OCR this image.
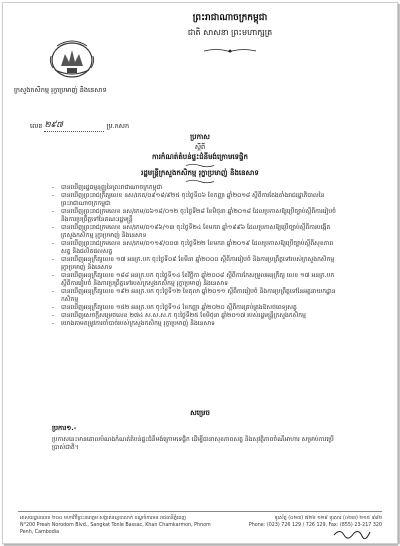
ព្រះរាជាណាចក្រកម្ពុជា
ជាតិ សាសនា ព្រះមហាក្សត្រ
ក្រសួងកសិកម្ម រុក្ខាប្រមាញ់ និងនេសាទ
លេខ ២៩៧	ប្រ.កសក
ប្រកាស
ស្តីពី
ការកំណត់តំបន់ផ្ទះជំនីមង់ក្រោមទេផ្ទិក
រដ្ឋមន្ត្រីក្រសួងកសិកម្ម រុក្ខាប្រមាញ់ និងនេសាទ
- បានឃើញរដ្ឋធម្មនុញ្ញនៃព្រះរាជាណាចក្រកម្ពុជា
- បានឃើញព្រះរាជក្រឹត្យលេខ នស/រកត/០៩១៨/៩២៥ ចុះថ្ងៃទី០៦ ខែកញ្ញា ឆ្នាំ២០១៨ ស្តីពីការតែងតាំងរាជរដ្ឋាភិបាលនៃព្រះរាជាណាចក្រកម្ពុជា
- បានឃើញព្រះរាជក្រមលេខ នស/រកម/០៦១៨/០១២ ចុះថ្ងៃទី២៨ ខែមិថុនា ឆ្នាំ២០១៨ ដែលប្រកាសឱ្យប្រើច្បាប់ស្តីពីការរៀបចំ និងការប្រព្រឹត្តទៅនៃគណៈរដ្ឋមន្ត្រី
- បានឃើញព្រះរាជក្រមលេខ នស/រកម/០១៩៦/១៣ ចុះថ្ងៃទី២៤ ខែមករា ឆ្នាំ១៩៩៦ ដែលប្រកាសឱ្យប្រើច្បាប់ស្តីពីការបង្កើតក្រសួងកសិកម្ម រុក្ខាប្រមាញ់ និងនេសាទ
- បានឃើញព្រះរាជក្រមលេខ នស/រកម/០១១៩/០០៣ ចុះថ្ងៃទី២២ ខែមករា ឆ្នាំ២០១៩ ដែលប្រកាសឱ្យប្រើច្បាប់ស្តីពីសុខភាពសត្វ និងផលិតផលសត្វ
- បានឃើញអនុក្រឹត្យលេខ ១៧ អនក្រ.បក ចុះថ្ងៃទី០៩ ខែមីនា ឆ្នាំ២០០០ ស្តីពីការរៀបចំ និងការប្រព្រឹត្តទៅរបស់ក្រសួងកសិកម្ម រុក្ខាប្រមាញ់ និងនេសាទ
- បានឃើញអនុក្រឹត្យលេខ ១៨៨ អនក្រ.បក ចុះថ្ងៃទី១៤ ខែវិច្ឆិកា ឆ្នាំ២០០៨ ស្តីពីការកែសម្រួលអនុក្រឹត្យ លេខ ១៧ អនក្រ.បក ស្តីពីការរៀបចំ និងការប្រព្រឹត្តទៅរបស់ក្រសួងកសិកម្ម រុក្ខាប្រមាញ់ និងនេសាទ
- បានឃើញអនុក្រឹត្យលេខ ១៩២ អនក្រ.បក ចុះថ្ងៃទី១២ ខែតុលា ឆ្នាំ២០១១ ស្តីពីការរៀបចំ និងការប្រព្រឹត្តទៅនៃអគ្គនាយកដ្ឋានកសិកម្ម
- បានឃើញអនុក្រឹត្យលេខ ១៥២ អនក្រ.បក ចុះថ្ងៃទី១៤ ខែកញ្ញា ឆ្នាំ២០២០ ស្តីពីការគ្រប់គ្រងឱសថពេទ្យសត្វ
- បានឃើញសេចក្តីសម្រេចលេខ ២៧៤ ស.ស.ស.ក ចុះថ្ងៃទី២៥ ខែមិថុនា ឆ្នាំ២០១៧ របស់រដ្ឋមន្ត្រីក្រសួងកសិកម្ម
- យោងតាមតម្រូវការចាំបាច់របស់ក្រសួងកសិកម្ម រុក្ខាប្រមាញ់ និងនេសាទ
សម្រេច
ប្រការ១.-
ប្រកាសនេះមានគោលបំណងកំណត់តំបន់ផ្ទះជំនីមង់ក្រោមទេផ្ទិក ដើម្បីធានាសុខភាពសត្វ និងសុវត្ថិភាពចំណីអាហារ សម្រាប់ការប្រើប្រាស់ជាតិ។
អាសយដ្ឋានលេខ ២០០ មហាវិថីព្រះនរោត្តម សង្កាត់ទន្លេបាសាក់ ខណ្ឌចំការមន រាជធានីភ្នំពេញ
N°200 Preah Norodom Blvd., Sangkat Tonle Bassac, Khan Chamkarmon, Phnom Penh, Cambodia
ទូរស័ព្ទ (០២៣) ៧២៦ ១២៩ ទូរសារ (០២៣) ២១៥ ៩៨២
Phone: (023) 726 129 / 726 129, Fax: (855) 23-217 320
